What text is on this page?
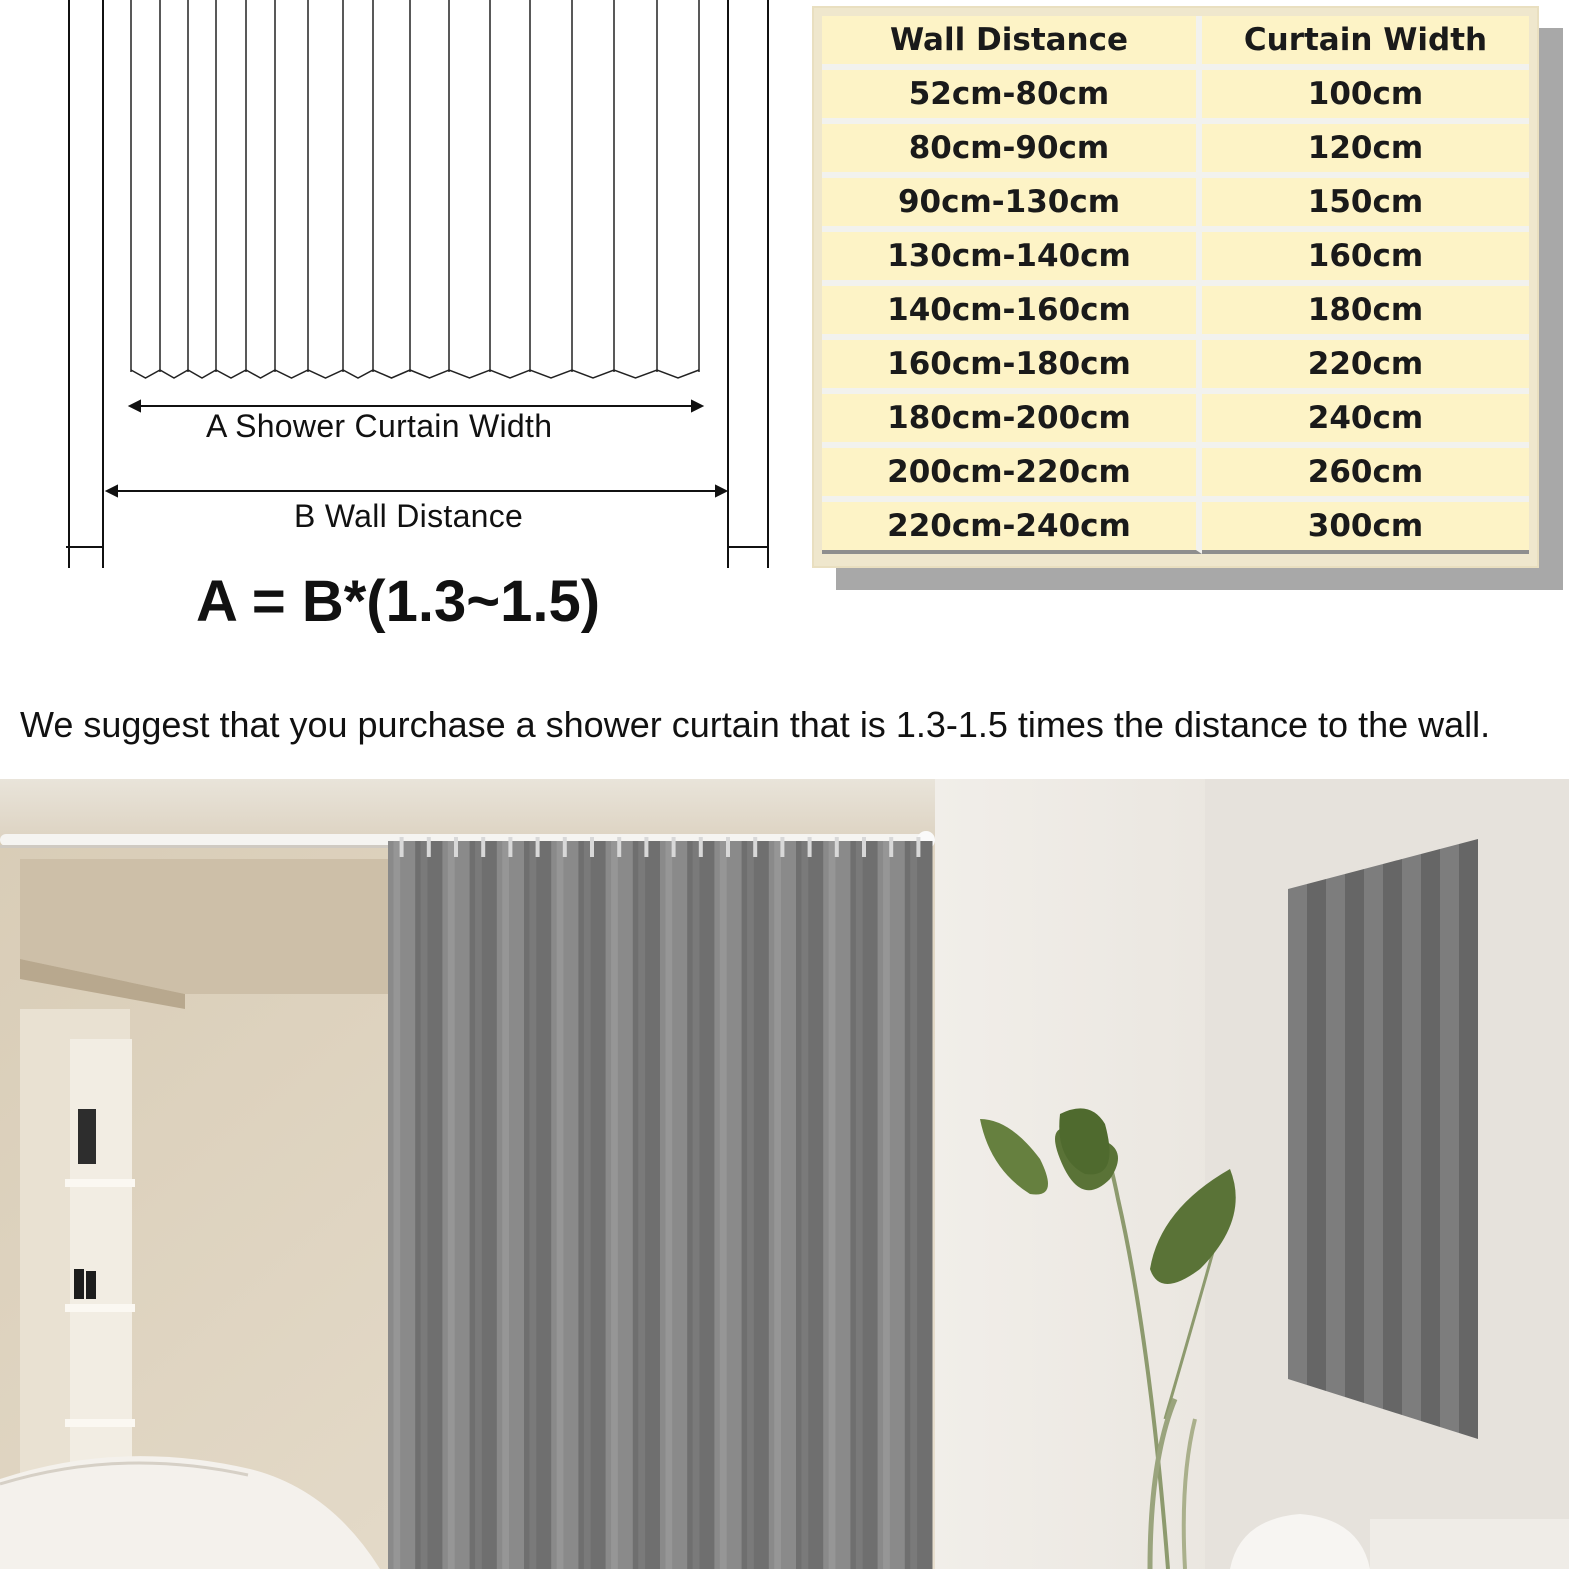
A Shower Curtain Width
B Wall Distance
A = B*(1.3~1.5)
Wall Distance	Curtain Width
52cm-80cm	100cm
80cm-90cm	120cm
90cm-130cm	150cm
130cm-140cm	160cm
140cm-160cm	180cm
160cm-180cm	220cm
180cm-200cm	240cm
200cm-220cm	260cm
220cm-240cm	300cm
We suggest that you purchase a shower curtain that is 1.3-1.5 times the distance to the wall.
